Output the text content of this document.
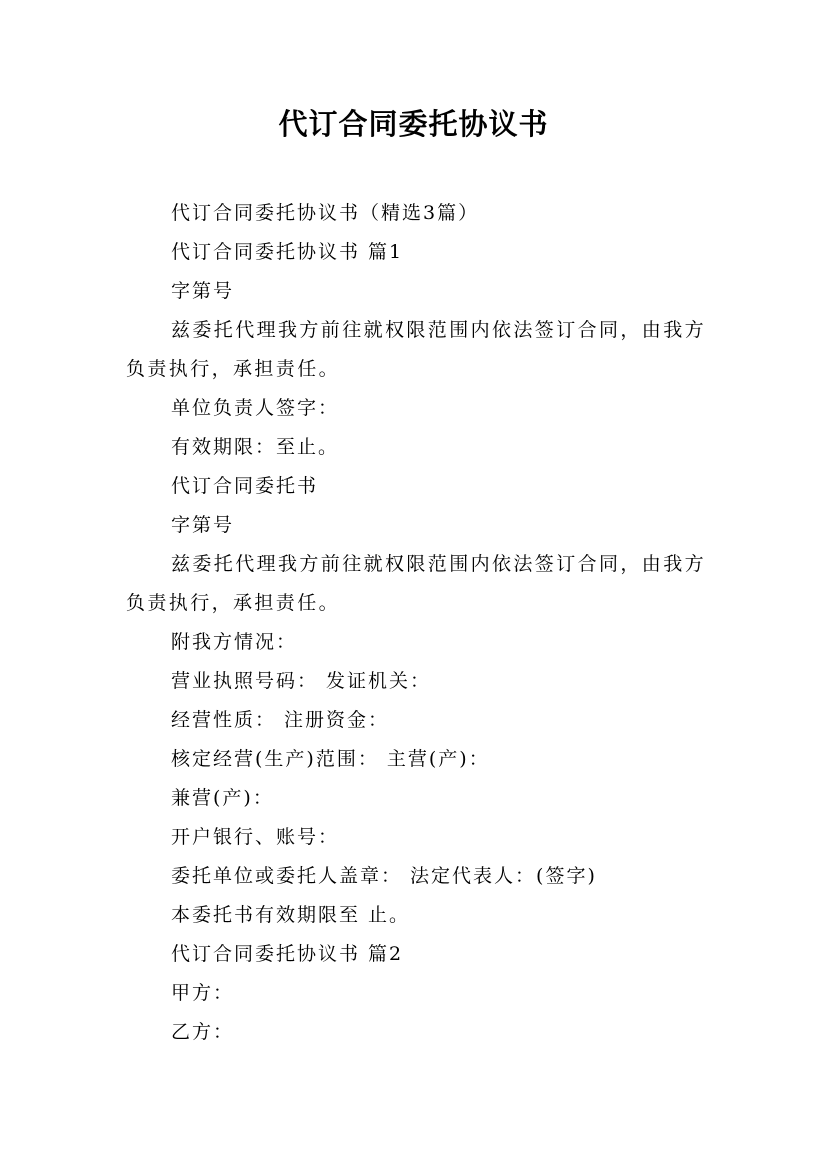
代订合同委托协议书

代订合同委托协议书（精选3篇）

代订合同委托协议书 篇1

字第号

兹委托代理我方前往就权限范围内依法签订合同，由我方负责执行，承担责任。

单位负责人签字：

有效期限：至止。

代订合同委托书

字第号

兹委托代理我方前往就权限范围内依法签订合同，由我方负责执行，承担责任。

附我方情况：

营业执照号码： 发证机关：

经营性质： 注册资金：

核定经营(生产)范围： 主营(产)：

兼营(产)：

开户银行、账号：

委托单位或委托人盖章： 法定代表人：(签字)

本委托书有效期限至 止。

代订合同委托协议书 篇2

甲方：

乙方：
